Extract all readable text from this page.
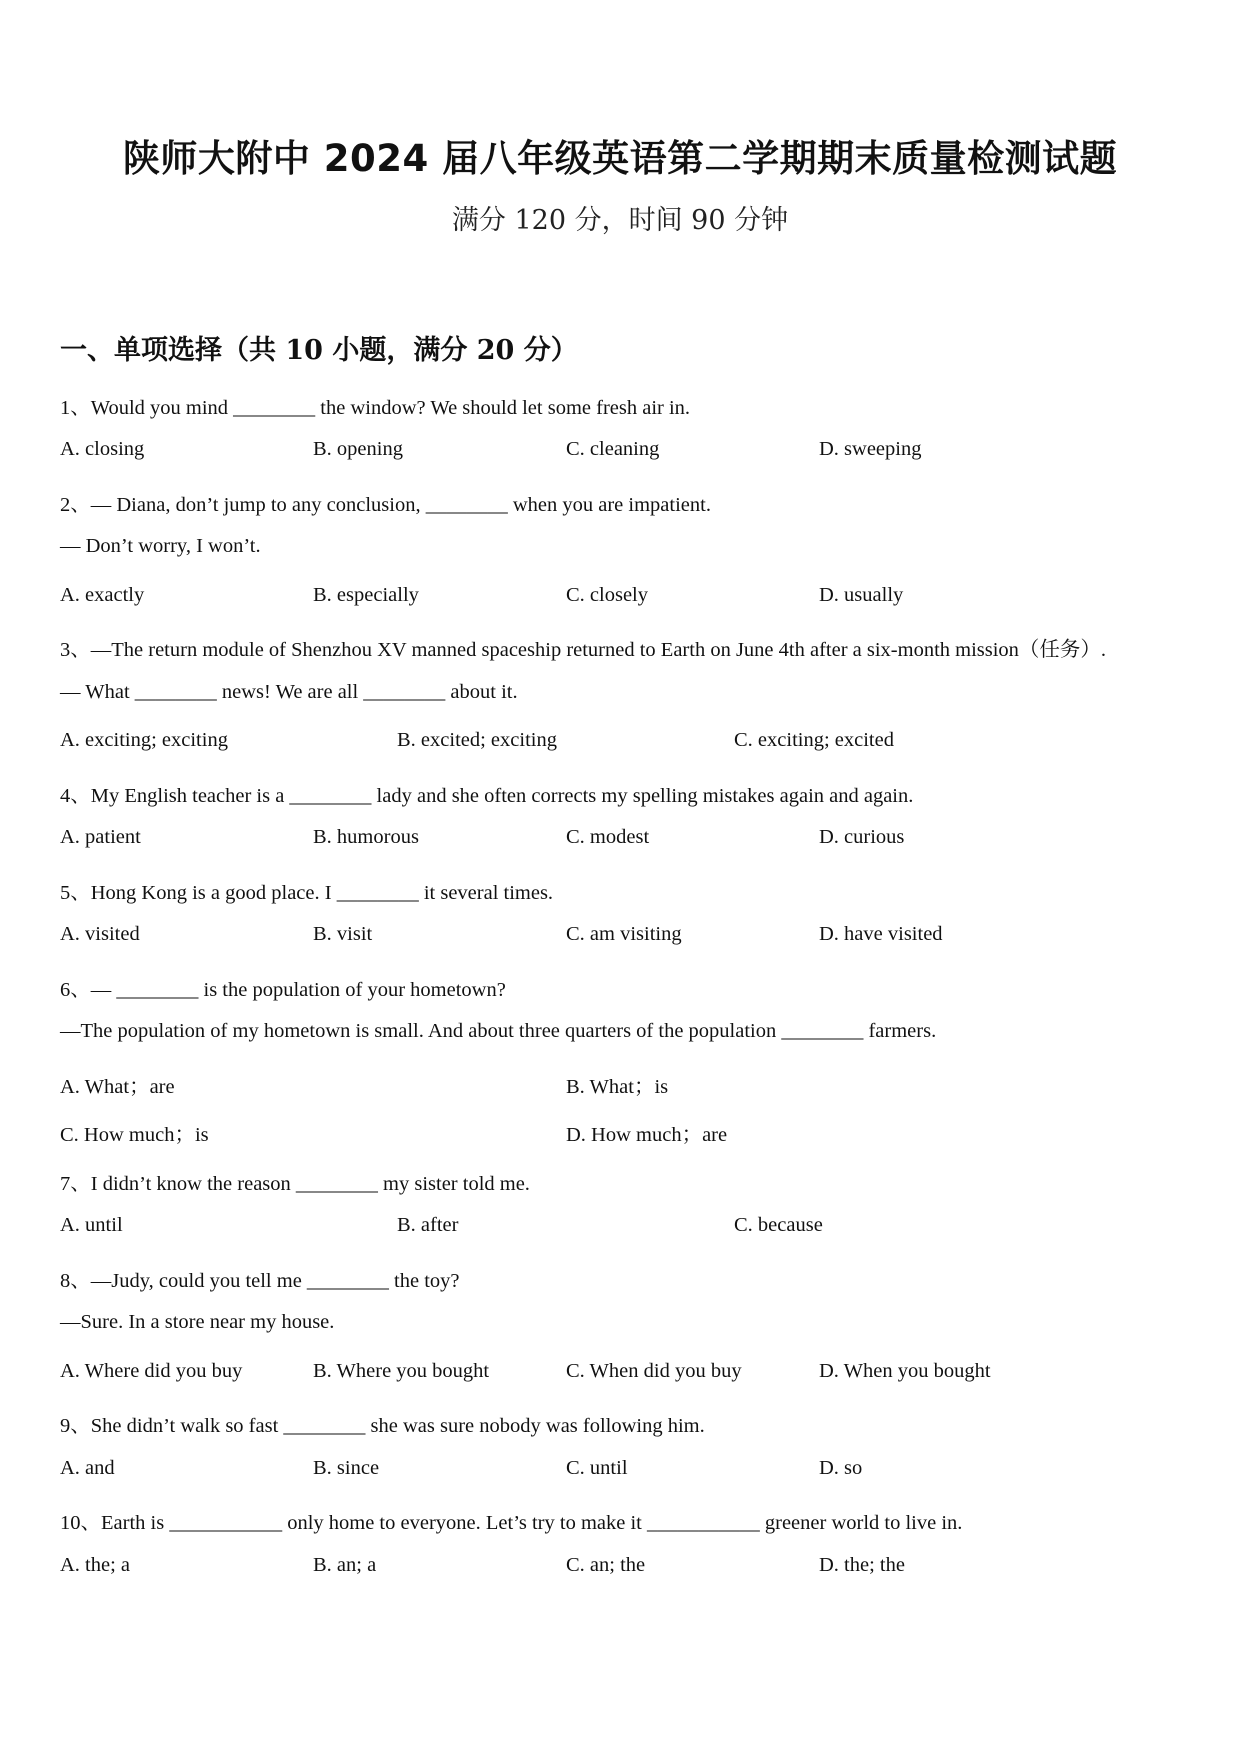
陕师大附中 2024 届八年级英语第二学期期末质量检测试题
满分 120 分，时间 90 分钟
一、单项选择（共 10 小题，满分 20 分）
1、Would you mind ________ the window? We should let some fresh air in.
A. closing	B. opening	C. cleaning	D. sweeping
2、— Diana, don’t jump to any conclusion, ________ when you are impatient.
— Don’t worry, I won’t.
A. exactly	B. especially	C. closely	D. usually
3、—The return module of Shenzhou XV manned spaceship returned to Earth on June 4th after a six-month mission（任务）.
— What ________ news! We are all ________ about it.
A. exciting; exciting	B. excited; exciting	C. exciting; excited
4、My English teacher is a ________ lady and she often corrects my spelling mistakes again and again.
A. patient	B. humorous	C. modest	D. curious
5、Hong Kong is a good place. I ________ it several times.
A. visited	B. visit	C. am visiting	D. have visited
6、— ________ is the population of your hometown?
—The population of my hometown is small. And about three quarters of the population ________ farmers.
A. What；are	B. What；is
C. How much；is	D. How much；are
7、I didn’t know the reason ________ my sister told me.
A. until	B. after	C. because
8、—Judy, could you tell me ________ the toy?
—Sure. In a store near my house.
A. Where did you buy	B. Where you bought	C. When did you buy	D. When you bought
9、She didn’t walk so fast ________ she was sure nobody was following him.
A. and	B. since	C. until	D. so
10、Earth is ___________ only home to everyone. Let’s try to make it ___________ greener world to live in.
A. the; a	B. an; a	C. an; the	D. the; the
